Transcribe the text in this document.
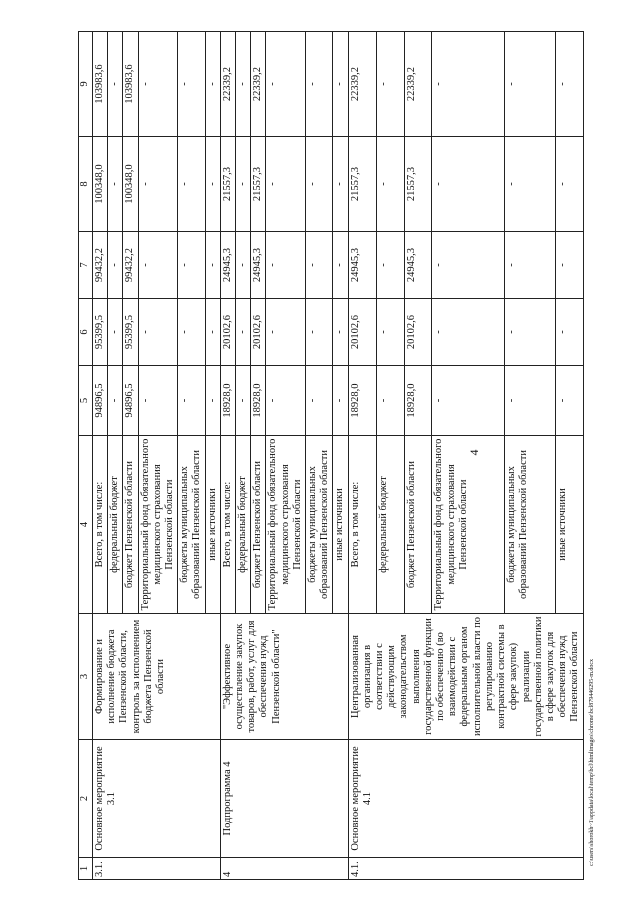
4
1	2	3	4	5	6	7	8	9
3.1.	Основное мероприятие 3.1	Формирование и исполнение бюджета Пензенской области, контроль за исполнением бюджета Пензенской области	Всего, в том числе:	94896,5	95399,5	99432,2	100348,0	103983,6
			федеральный бюджет	-	-	-	-	-
			бюджет Пензенской области	94896,5	95399,5	99432,2	100348,0	103983,6
			Территориальный фонд обязательного медицинского страхования Пензенской области	-	-	-	-	-
			бюджеты муниципальных образований Пензенской области	-	-	-	-	-
			иные источники	-	-	-	-	-
4	Подпрограмма 4	"Эффективное осуществление закупок товаров, работ, услуг для обеспечения нужд Пензенской области"	Всего, в том числе:	18928,0	20102,6	24945,3	21557,3	22339,2
			федеральный бюджет	-	-	-	-	-
			бюджет Пензенской области	18928,0	20102,6	24945,3	21557,3	22339,2
			Территориальный фонд обязательного медицинского страхования Пензенской области	-	-	-	-	-
			бюджеты муниципальных образований Пензенской области	-	-	-	-	-
			иные источники	-	-	-	-	-
4.1.	Основное мероприятие 4.1	Централизованная организация в соответствии с действующим законодательством выполнения государственной функции по обеспечению (во взаимодействии с федеральным органом исполнительной власти по регулированию контрактной системы в сфере закупок) реализации государственной политики в сфере закупок для обеспечения нужд Пензенской области	Всего, в том числе:	18928,0	20102,6	24945,3	21557,3	22339,2
			федеральный бюджет	-	-	-	-	-
			бюджет Пензенской области	18928,0	20102,6	24945,3	21557,3	22339,2
			Территориальный фонд обязательного медицинского страхования Пензенской области	-	-	-	-	-
			бюджеты муниципальных образований Пензенской области	-	-	-	-	-
			иные источники	-	-	-	-	-
c:\users\shorokh~1\appdata\local\temp\bcl\htmlimages\chrome\bcl879446295-m.docx
